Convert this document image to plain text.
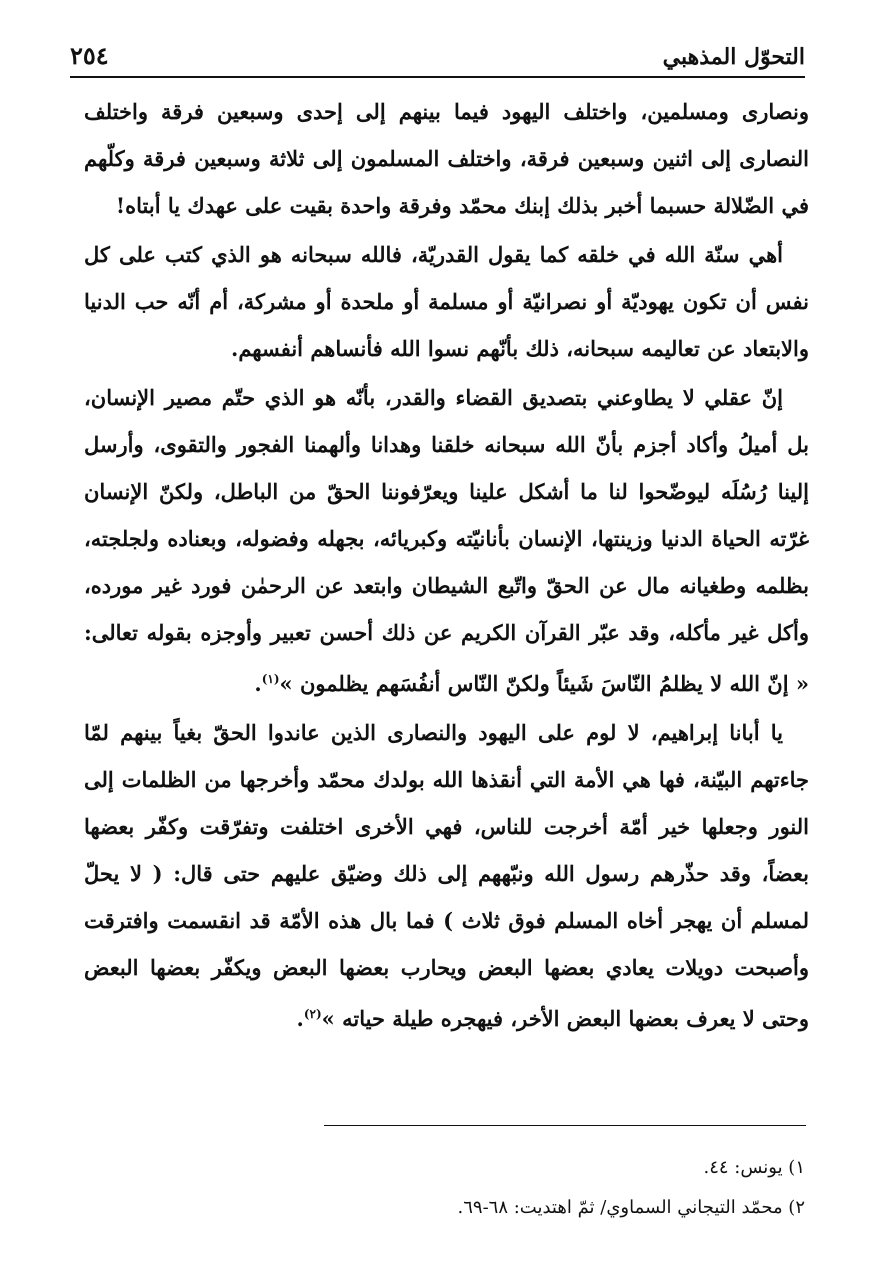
التحوّل المذهبي
٢٥٤

ونصارى ومسلمين، واختلف اليهود فيما بينهم إلى إحدى وسبعين فرقة واختلف النصارى إلى اثنين وسبعين فرقة، واختلف المسلمون إلى ثلاثة وسبعين فرقة وكلّهم في الضّلالة حسبما أخبر بذلك إبنك محمّد وفرقة واحدة بقيت على عهدك يا أبتاه!

أهي سنّة الله في خلقه كما يقول القدريّة، فالله سبحانه هو الذي كتب على كل نفس أن تكون يهوديّة أو نصرانيّة أو مسلمة أو ملحدة أو مشركة، أم أنّه حب الدنيا والابتعاد عن تعاليمه سبحانه، ذلك بأنّهم نسوا الله فأنساهم أنفسهم.

إنّ عقلي لا يطاوعني بتصديق القضاء والقدر، بأنّه هو الذي حتّم مصير الإنسان، بل أميلُ وأكاد أجزم بأنّ الله سبحانه خلقنا وهدانا وألهمنا الفجور والتقوى، وأرسل إلينا رُسُلَه ليوضّحوا لنا ما أشكل علينا ويعرّفوننا الحقّ من الباطل، ولكنّ الإنسان غرّته الحياة الدنيا وزينتها، الإنسان بأنانيّته وكبريائه، بجهله وفضوله، وبعناده ولجلجته، بظلمه وطغيانه مال عن الحقّ واتّبع الشيطان وابتعد عن الرحمٰن فورد غير مورده، وأكل غير مأكله، وقد عبّر القرآن الكريم عن ذلك أحسن تعبير وأوجزه بقوله تعالى: « إنّ الله لا يظلمُ النّاسَ شَيئاً ولكنّ النّاس أنفُسَهم يظلمون »$^{(١)}$.

يا أبانا إبراهيم، لا لوم على اليهود والنصارى الذين عاندوا الحقّ بغياً بينهم لمّا جاءتهم البيّنة، فها هي الأمة التي أنقذها الله بولدك محمّد وأخرجها من الظلمات إلى النور وجعلها خير أمّة أخرجت للناس، فهي الأخرى اختلفت وتفرّقت وكفّر بعضها بعضاً، وقد حذّرهم رسول الله ونبّههم إلى ذلك وضيّق عليهم حتى قال: ( لا يحلّ لمسلم أن يهجر أخاه المسلم فوق ثلاث ) فما بال هذه الأمّة قد انقسمت وافترقت وأصبحت دويلات يعادي بعضها البعض ويحارب بعضها البعض ويكفّر بعضها البعض وحتى لا يعرف بعضها البعض الأخر، فيهجره طيلة حياته »$^{(٢)}$.

١) يونس: ٤٤.
٢) محمّد التيجاني السماوي/ ثمّ اهتديت: ٦٨-٦٩.
